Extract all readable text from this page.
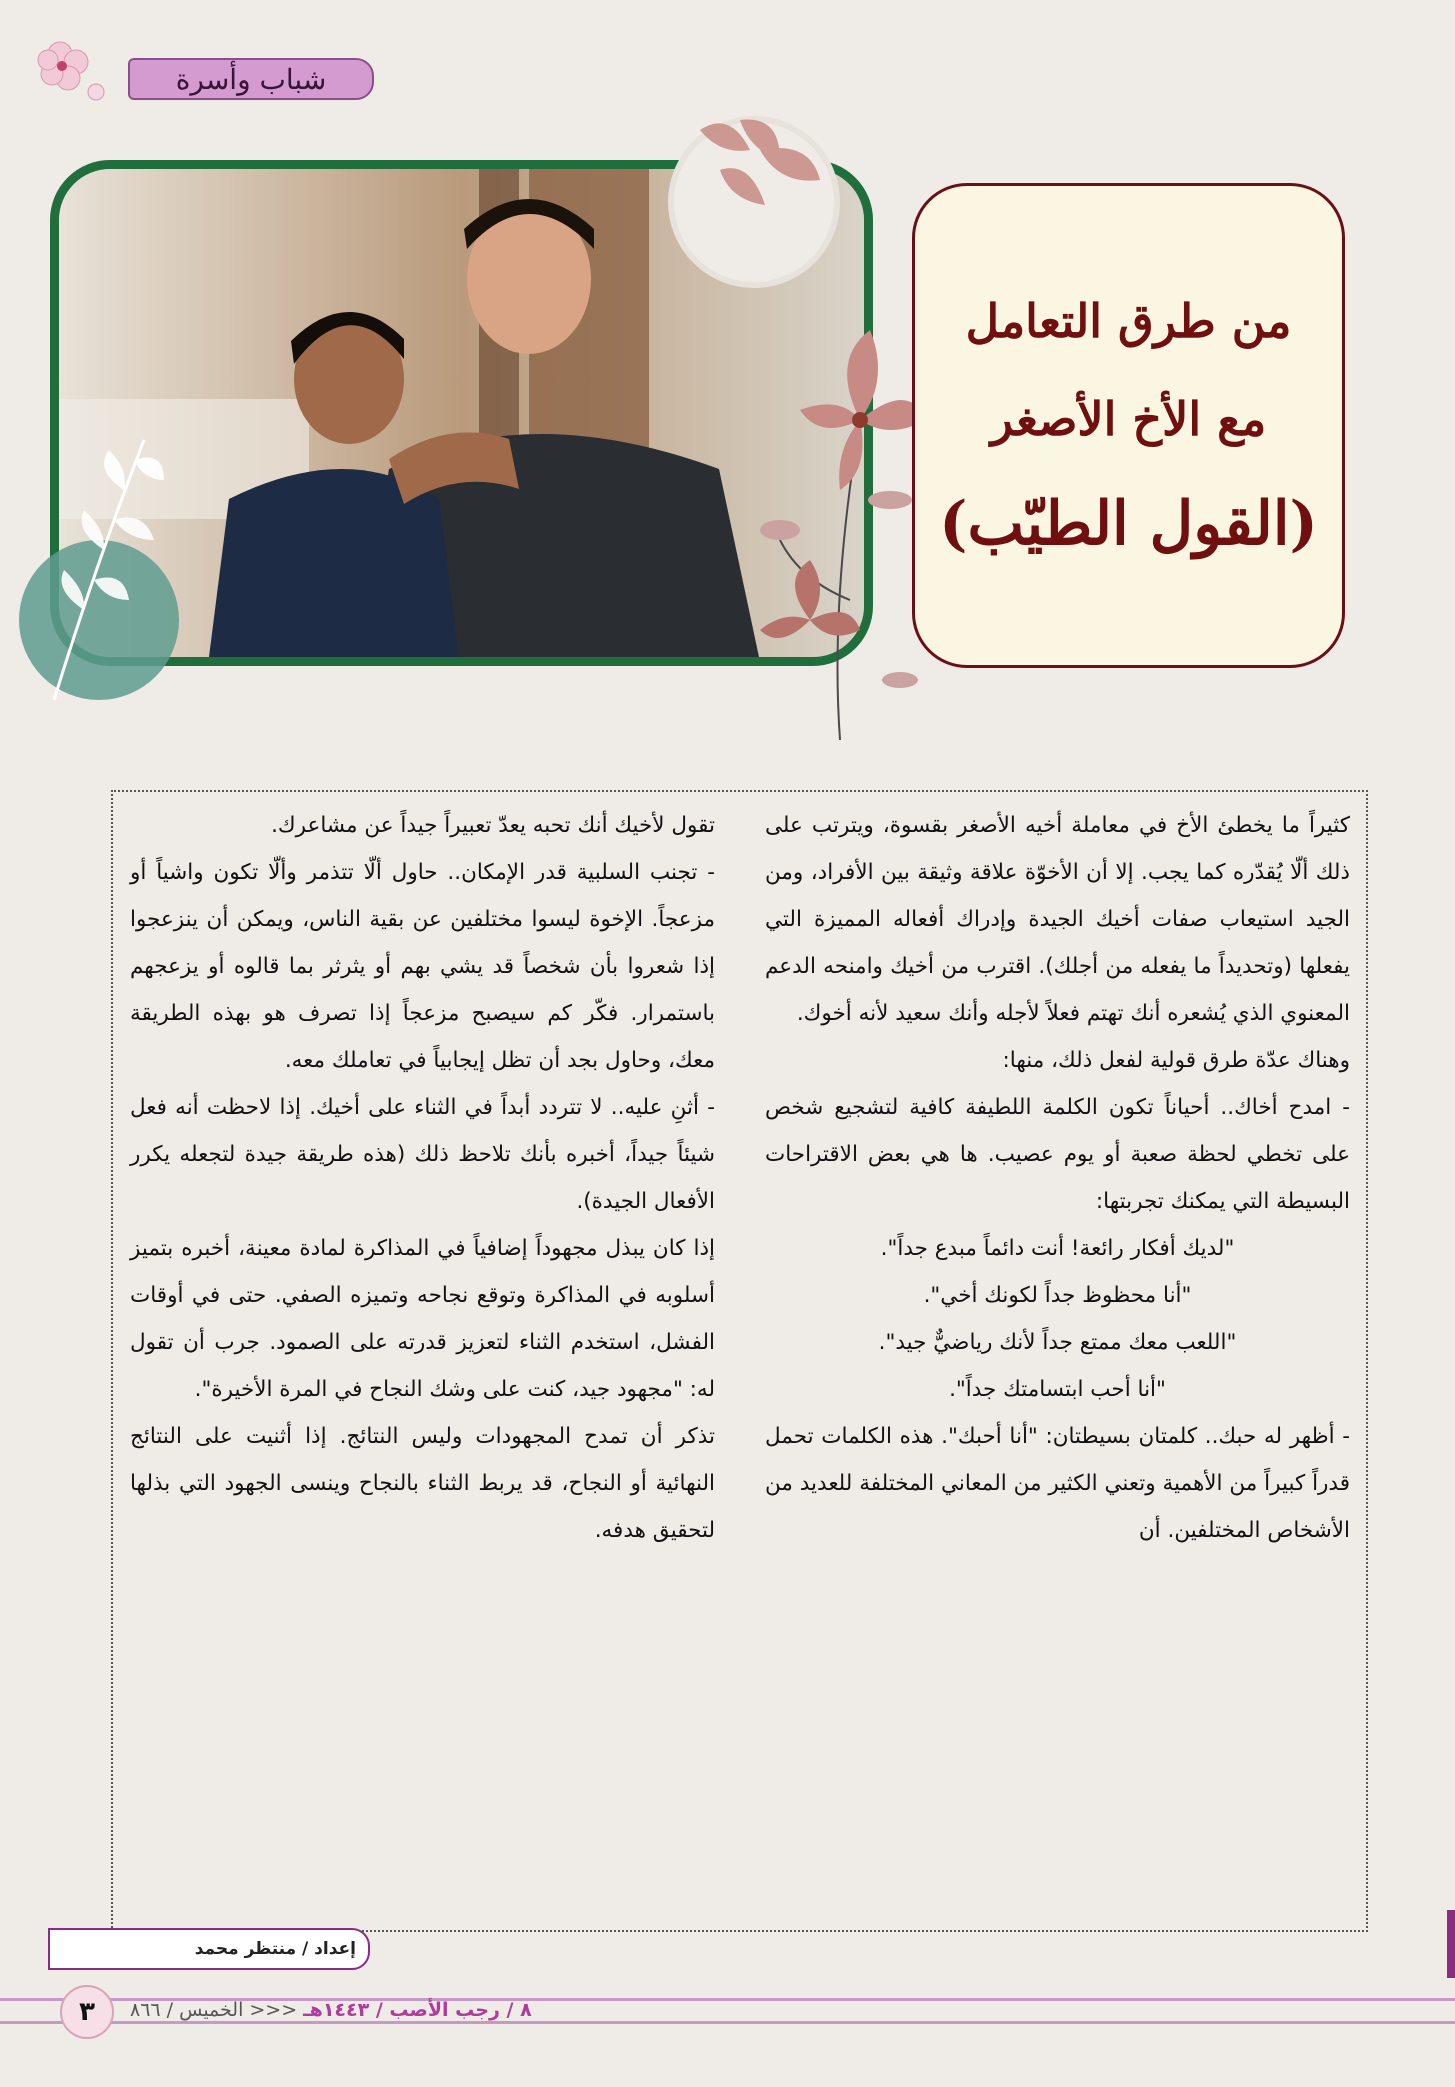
شباب وأسرة
من طرق التعامل
مع الأخ الأصغر
(القول الطيّب)

كثيراً ما يخطئ الأخ في معاملة أخيه الأصغر بقسوة، ويترتب على ذلك ألّا يُقدّره كما يجب. إلا أن الأخوّة علاقة وثيقة بين الأفراد، ومن الجيد استيعاب صفات أخيك الجيدة وإدراك أفعاله المميزة التي يفعلها (وتحديداً ما يفعله من أجلك). اقترب من أخيك وامنحه الدعم المعنوي الذي يُشعره أنك تهتم فعلاً لأجله وأنك سعيد لأنه أخوك.

وهناك عدّة طرق قولية لفعل ذلك، منها:

- امدح أخاك.. أحياناً تكون الكلمة اللطيفة كافية لتشجيع شخص على تخطي لحظة صعبة أو يوم عصيب. ها هي بعض الاقتراحات البسيطة التي يمكنك تجربتها:

"لديك أفكار رائعة! أنت دائماً مبدع جداً".

"أنا محظوظ جداً لكونك أخي".

"اللعب معك ممتع جداً لأنك رياضيٌّ جيد".

"أنا أحب ابتسامتك جداً".

- أظهر له حبك.. كلمتان بسيطتان: "أنا أحبك". هذه الكلمات تحمل قدراً كبيراً من الأهمية وتعني الكثير من المعاني المختلفة للعديد من الأشخاص المختلفين. أن

تقول لأخيك أنك تحبه يعدّ تعبيراً جيداً عن مشاعرك.

- تجنب السلبية قدر الإمكان.. حاول ألّا تتذمر وألّا تكون واشياً أو مزعجاً. الإخوة ليسوا مختلفين عن بقية الناس، ويمكن أن ينزعجوا إذا شعروا بأن شخصاً قد يشي بهم أو يثرثر بما قالوه أو يزعجهم باستمرار. فكّر كم سيصبح مزعجاً إذا تصرف هو بهذه الطريقة معك، وحاول بجد أن تظل إيجابياً في تعاملك معه.

- أثنِ عليه.. لا تتردد أبداً في الثناء على أخيك. إذا لاحظت أنه فعل شيئاً جيداً، أخبره بأنك تلاحظ ذلك (هذه طريقة جيدة لتجعله يكرر الأفعال الجيدة).

إذا كان يبذل مجهوداً إضافياً في المذاكرة لمادة معينة، أخبره بتميز أسلوبه في المذاكرة وتوقع نجاحه وتميزه الصفي. حتى في أوقات الفشل، استخدم الثناء لتعزيز قدرته على الصمود. جرب أن تقول له: "مجهود جيد، كنت على وشك النجاح في المرة الأخيرة".

تذكر أن تمدح المجهودات وليس النتائج. إذا أثنيت على النتائج النهائية أو النجاح، قد يربط الثناء بالنجاح وينسى الجهود التي بذلها لتحقيق هدفه.

إعداد / منتظر محمد
٨ / رجب الأصب / ١٤٤٣هـ
<<<
الخميس / ٨٦٦
٣
